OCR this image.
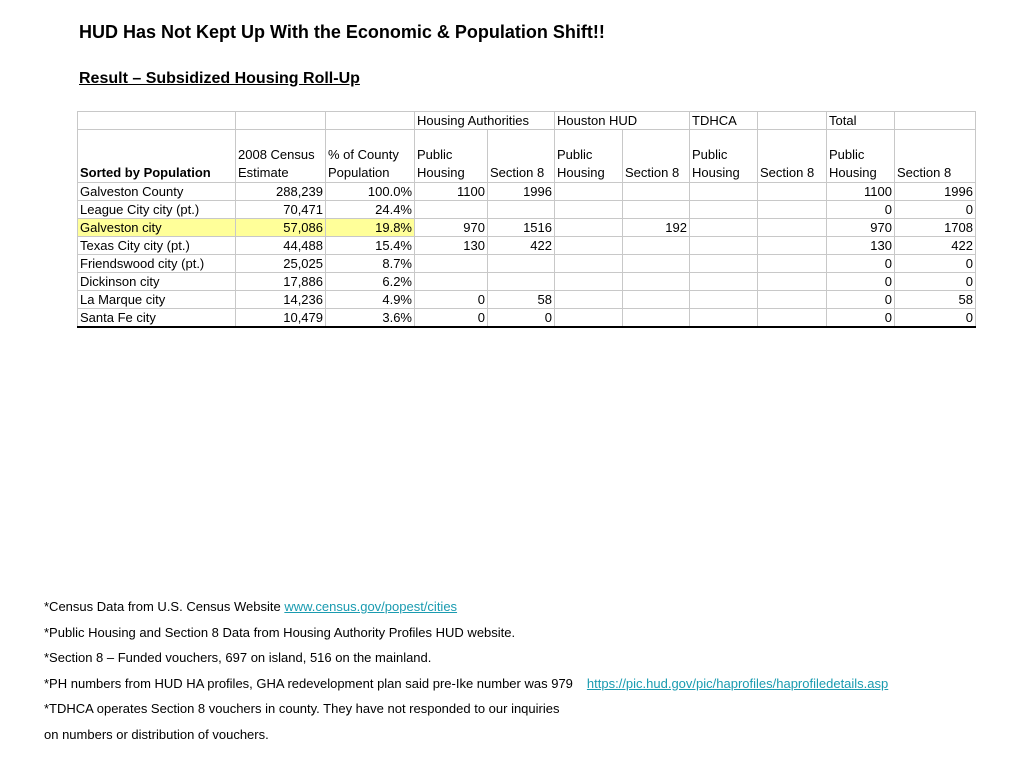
HUD Has Not Kept Up With the Economic & Population Shift!!
Result – Subsidized Housing Roll-Up
			Housing Authorities		Houston HUD		TDHCA		Total	
Sorted by Population	2008 Census Estimate	% of County Population	Public Housing	Section 8	Public Housing	Section 8	Public Housing	Section 8	Public Housing	Section 8
Galveston County	288,239	100.0%	1100	1996					1100	1996
League City city (pt.)	70,471	24.4%							0	0
Galveston city	57,086	19.8%	970	1516		192			970	1708
Texas City city (pt.)	44,488	15.4%	130	422					130	422
Friendswood city (pt.)	25,025	8.7%							0	0
Dickinson city	17,886	6.2%							0	0
La Marque city	14,236	4.9%	0	58					0	58
Santa Fe city	10,479	3.6%	0	0					0	0
*Census Data from U.S. Census Website www.census.gov/popest/cities
*Public Housing and Section 8 Data from Housing Authority Profiles HUD website.
*Section 8 – Funded vouchers, 697 on island, 516 on the mainland.
*PH numbers from HUD HA profiles, GHA redevelopment plan said pre-Ike number was 979 https://pic.hud.gov/pic/haprofiles/haprofiledetails.asp
*TDHCA operates Section 8 vouchers in county. They have not responded to our inquiries
on numbers or distribution of vouchers.
